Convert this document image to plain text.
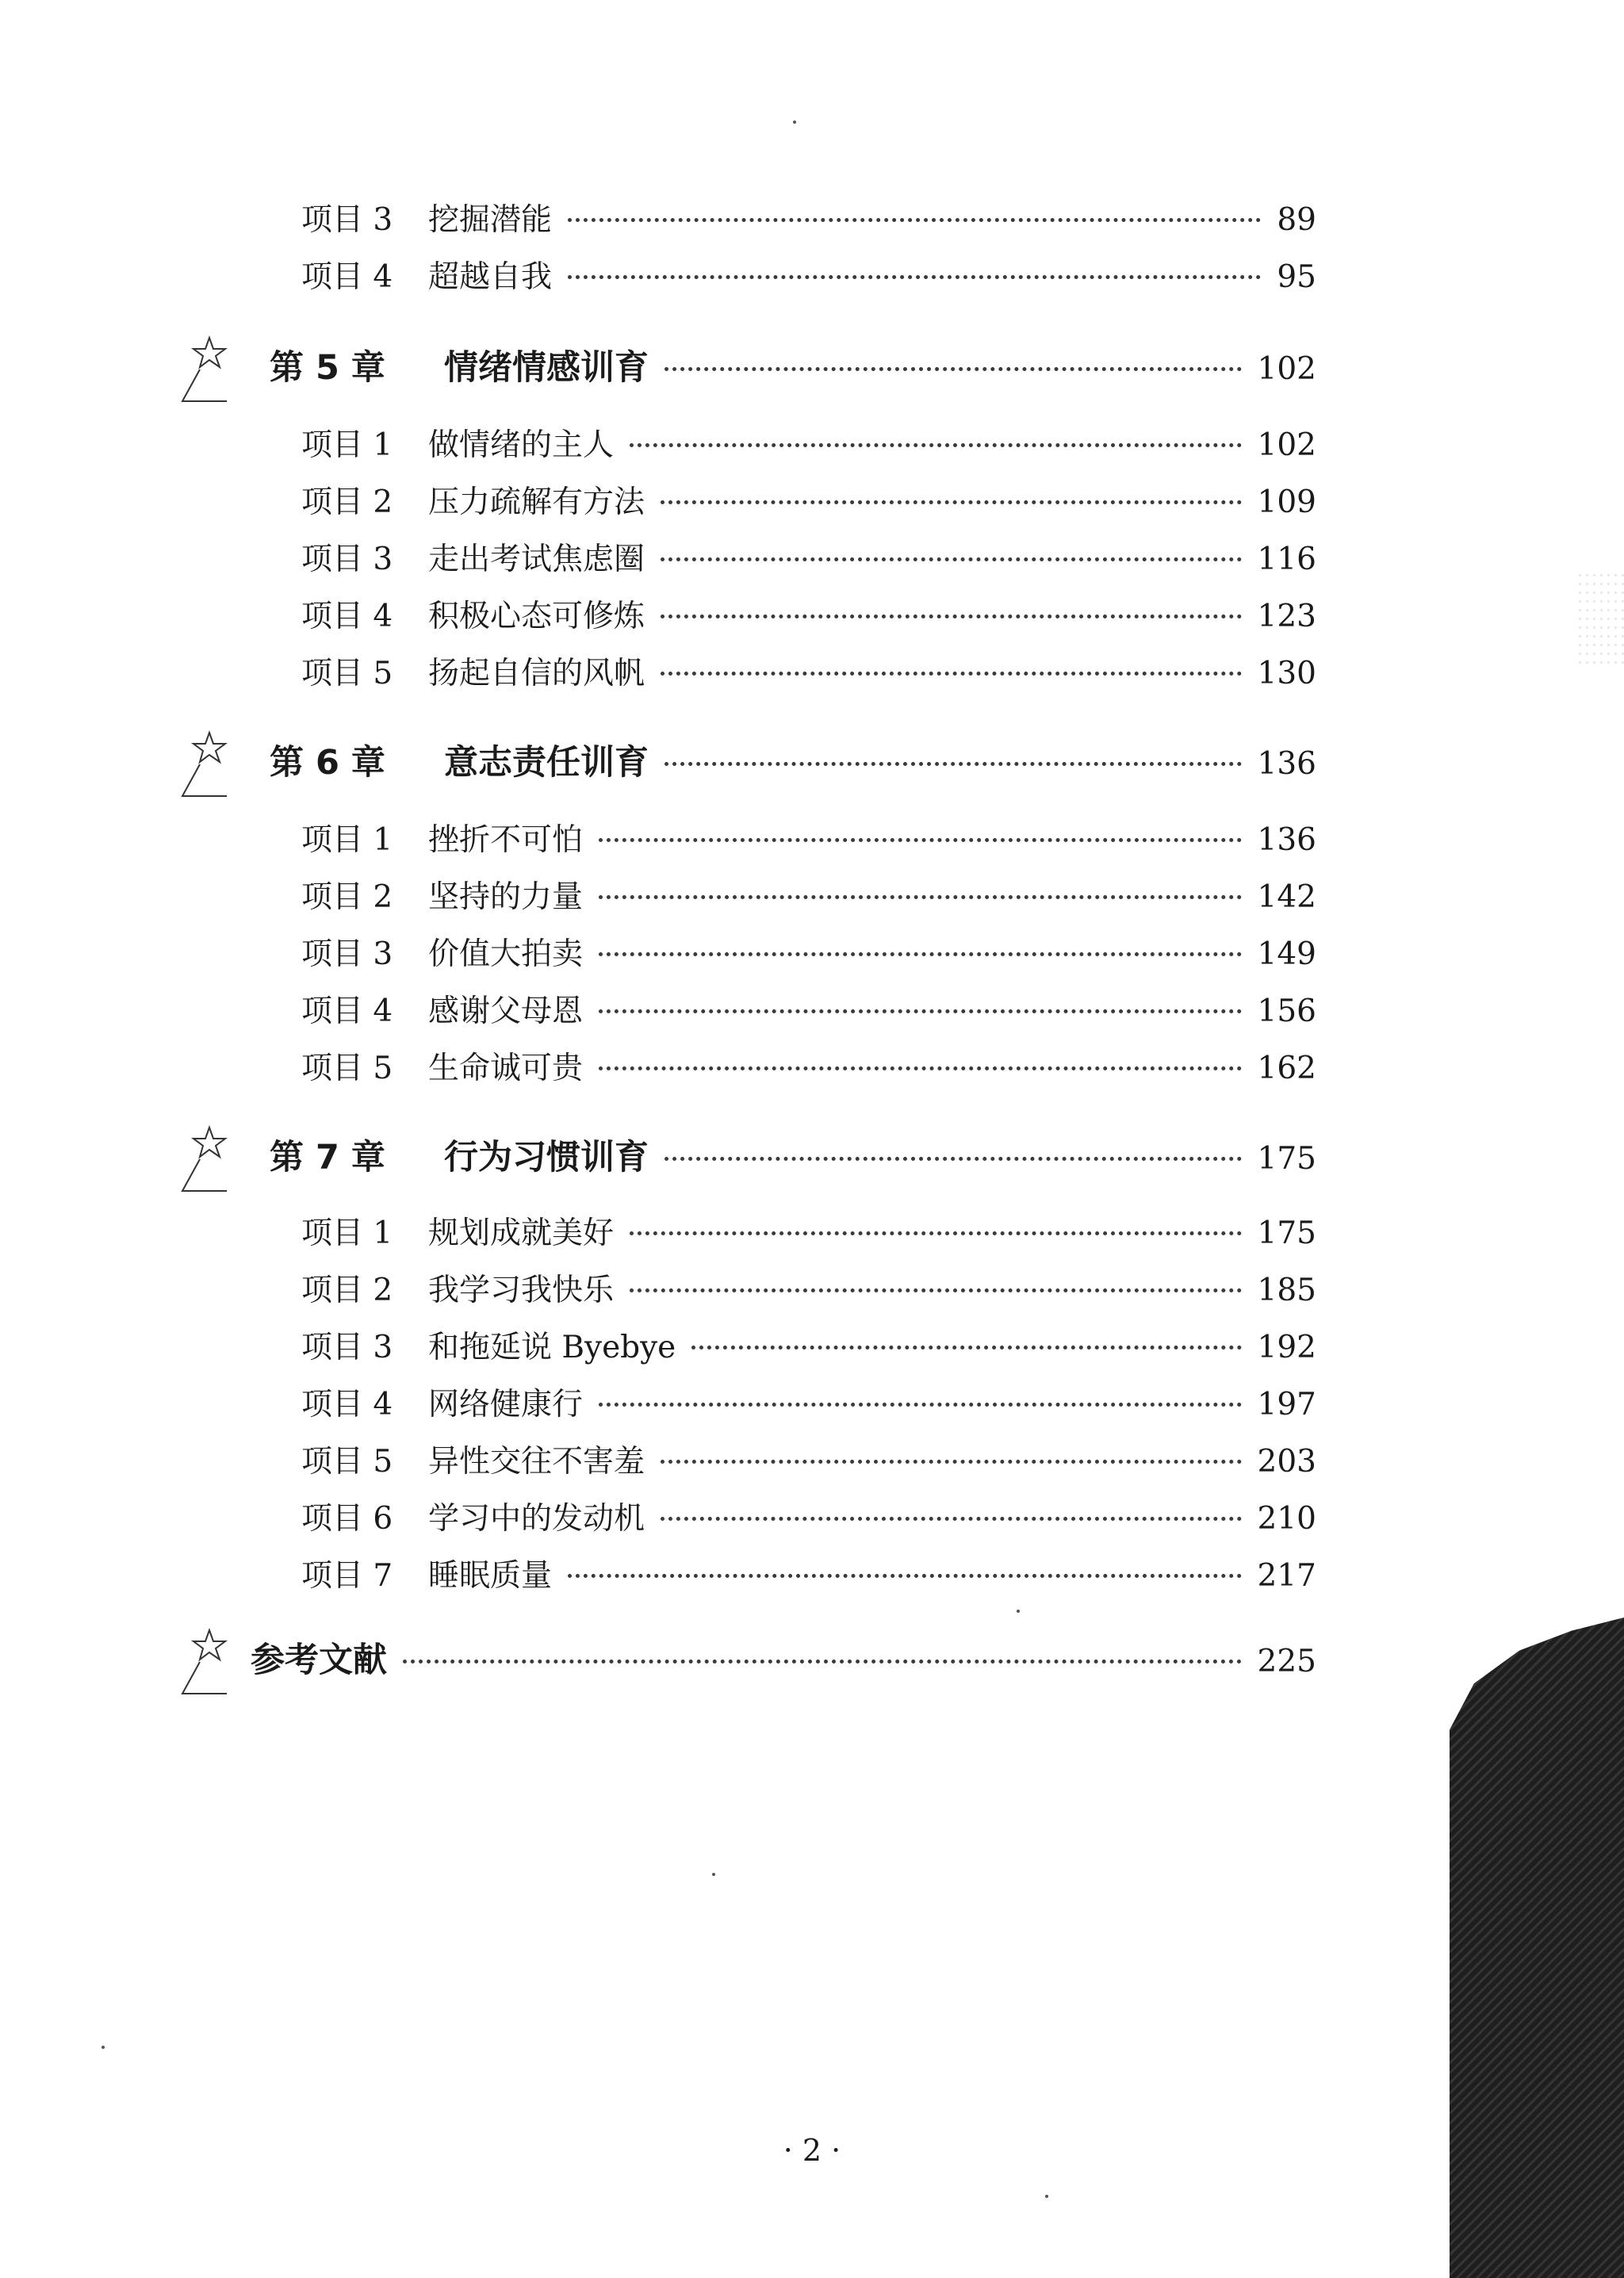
项目 3	挖掘潜能	89
项目 4	超越自我	95
第 5 章	情绪情感训育	102
项目 1	做情绪的主人	102
项目 2	压力疏解有方法	109
项目 3	走出考试焦虑圈	116
项目 4	积极心态可修炼	123
项目 5	扬起自信的风帆	130
第 6 章	意志责任训育	136
项目 1	挫折不可怕	136
项目 2	坚持的力量	142
项目 3	价值大拍卖	149
项目 4	感谢父母恩	156
项目 5	生命诚可贵	162
第 7 章	行为习惯训育	175
项目 1	规划成就美好	175
项目 2	我学习我快乐	185
项目 3	和拖延说 Byebye	192
项目 4	网络健康行	197
项目 5	异性交往不害羞	203
项目 6	学习中的发动机	210
项目 7	睡眠质量	217
参考文献	225
· 2 ·
